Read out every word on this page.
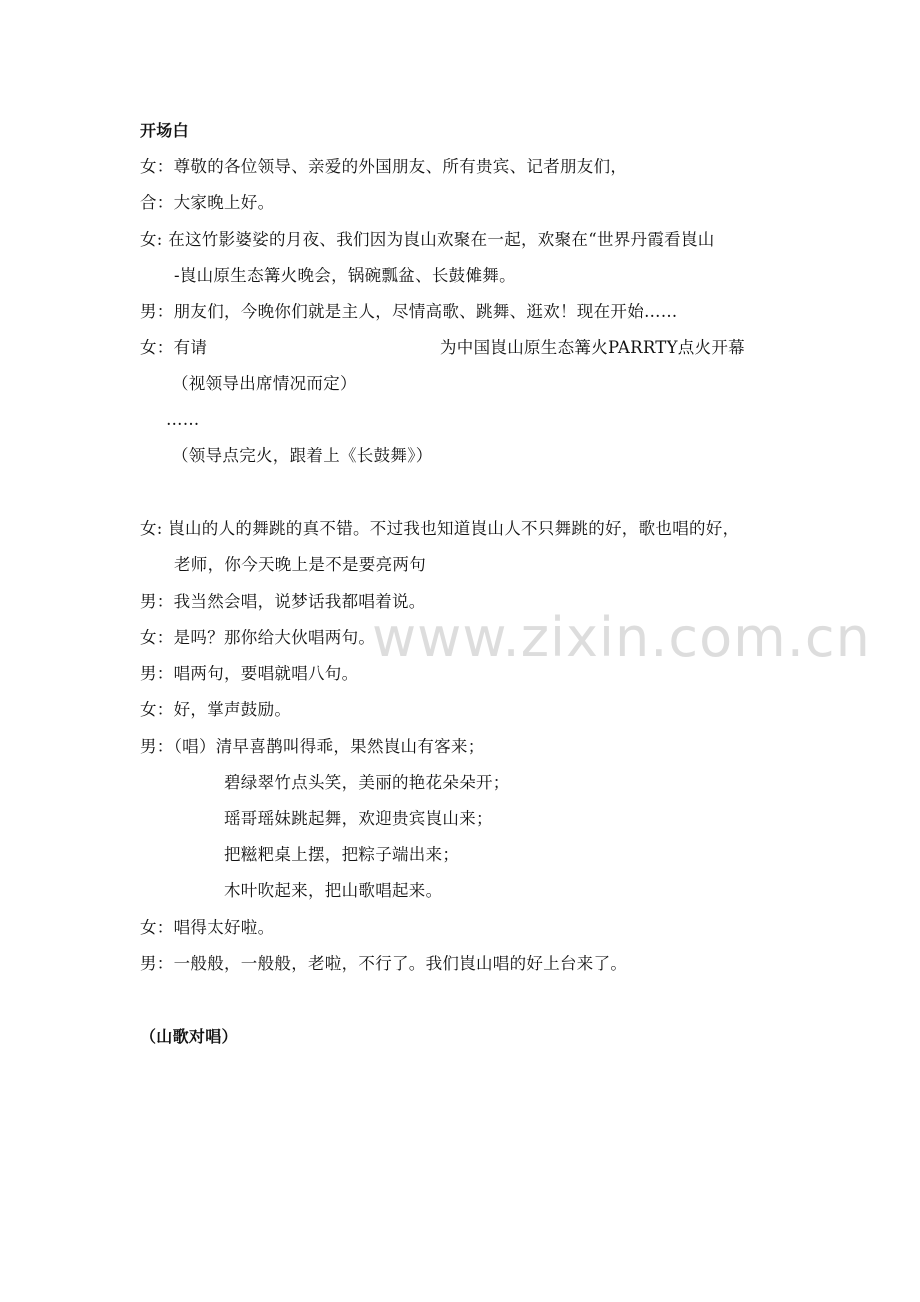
www.zixin.com.cn
开场白
女：尊敬的各位领导、亲爱的外国朋友、所有贵宾、记者朋友们，
合：大家晚上好。
女: 在这竹影婆娑的月夜、我们因为崀山欢聚在一起，欢聚在“世界丹霞看崀山
-崀山原生态篝火晚会，锅碗瓢盆、长鼓傩舞。
男：朋友们，今晚你们就是主人，尽情高歌、跳舞、逛欢！现在开始……
女：有请	为中国崀山原生态篝火PARRTY点火开幕
（视领导出席情况而定）
……
（领导点完火，跟着上《长鼓舞》）
女: 崀山的人的舞跳的真不错。不过我也知道崀山人不只舞跳的好，歌也唱的好，
老师，你今天晚上是不是要亮两句
男：我当然会唱，说梦话我都唱着说。
女：是吗？那你给大伙唱两句。
男：唱两句，要唱就唱八句。
女：好，掌声鼓励。
男：（唱）清早喜鹊叫得乖，果然崀山有客来；
碧绿翠竹点头笑，美丽的艳花朵朵开；
瑶哥瑶妹跳起舞，欢迎贵宾崀山来；
把糍粑桌上摆，把粽子端出来；
木叶吹起来，把山歌唱起来。
女：唱得太好啦。
男：一般般，一般般，老啦，不行了。我们崀山唱的好上台来了。
（山歌对唱）
